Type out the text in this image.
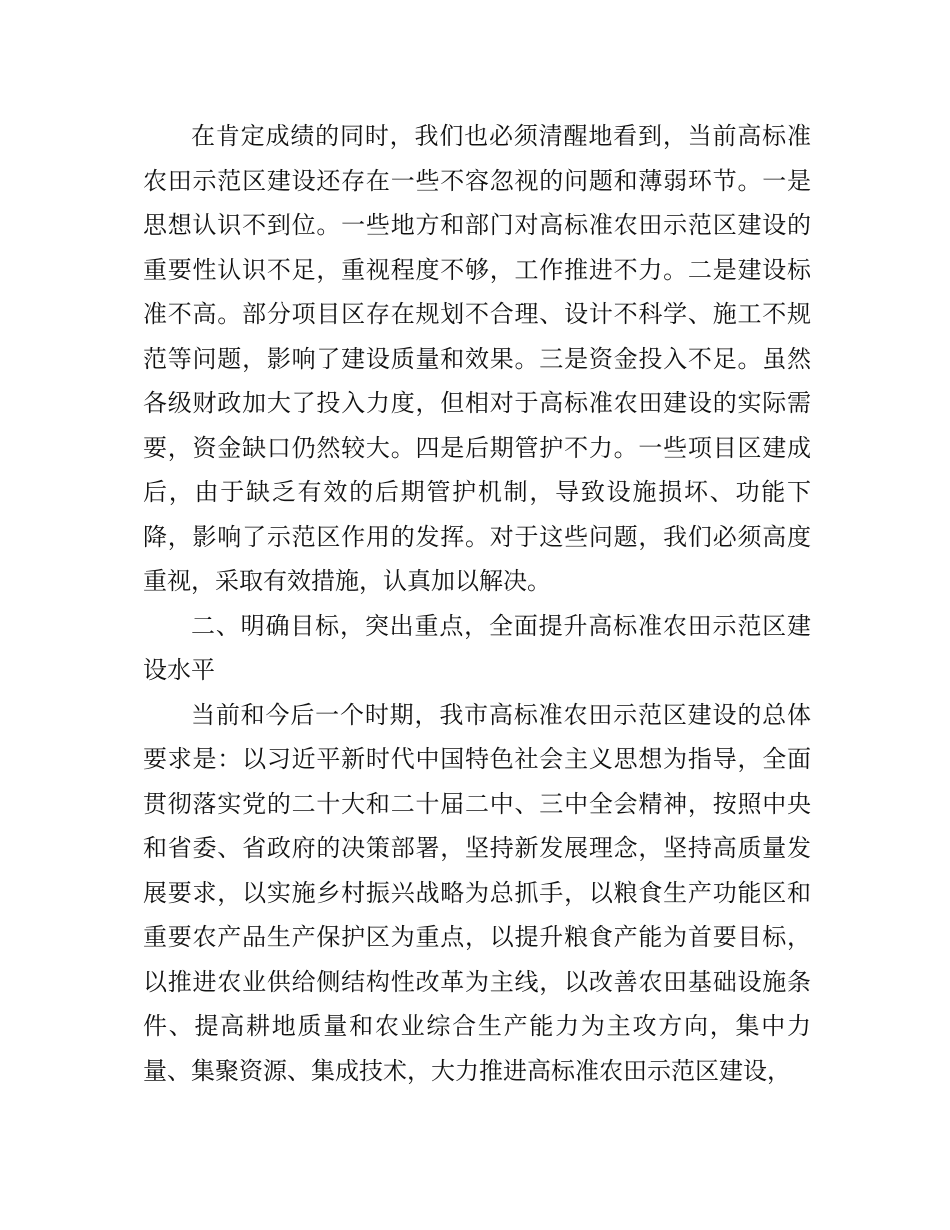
在肯定成绩的同时，我们也必须清醒地看到，当前高标准农田示范区建设还存在一些不容忽视的问题和薄弱环节。一是思想认识不到位。一些地方和部门对高标准农田示范区建设的重要性认识不足，重视程度不够，工作推进不力。二是建设标准不高。部分项目区存在规划不合理、设计不科学、施工不规范等问题，影响了建设质量和效果。三是资金投入不足。虽然各级财政加大了投入力度，但相对于高标准农田建设的实际需要，资金缺口仍然较大。四是后期管护不力。一些项目区建成后，由于缺乏有效的后期管护机制，导致设施损坏、功能下降，影响了示范区作用的发挥。对于这些问题，我们必须高度重视，采取有效措施，认真加以解决。

二、明确目标，突出重点，全面提升高标准农田示范区建设水平

当前和今后一个时期，我市高标准农田示范区建设的总体要求是：以习近平新时代中国特色社会主义思想为指导，全面贯彻落实党的二十大和二十届二中、三中全会精神，按照中央和省委、省政府的决策部署，坚持新发展理念，坚持高质量发展要求，以实施乡村振兴战略为总抓手，以粮食生产功能区和重要农产品生产保护区为重点，以提升粮食产能为首要目标，以推进农业供给侧结构性改革为主线，以改善农田基础设施条件、提高耕地质量和农业综合生产能力为主攻方向，集中力量、集聚资源、集成技术，大力推进高标准农田示范区建设，
